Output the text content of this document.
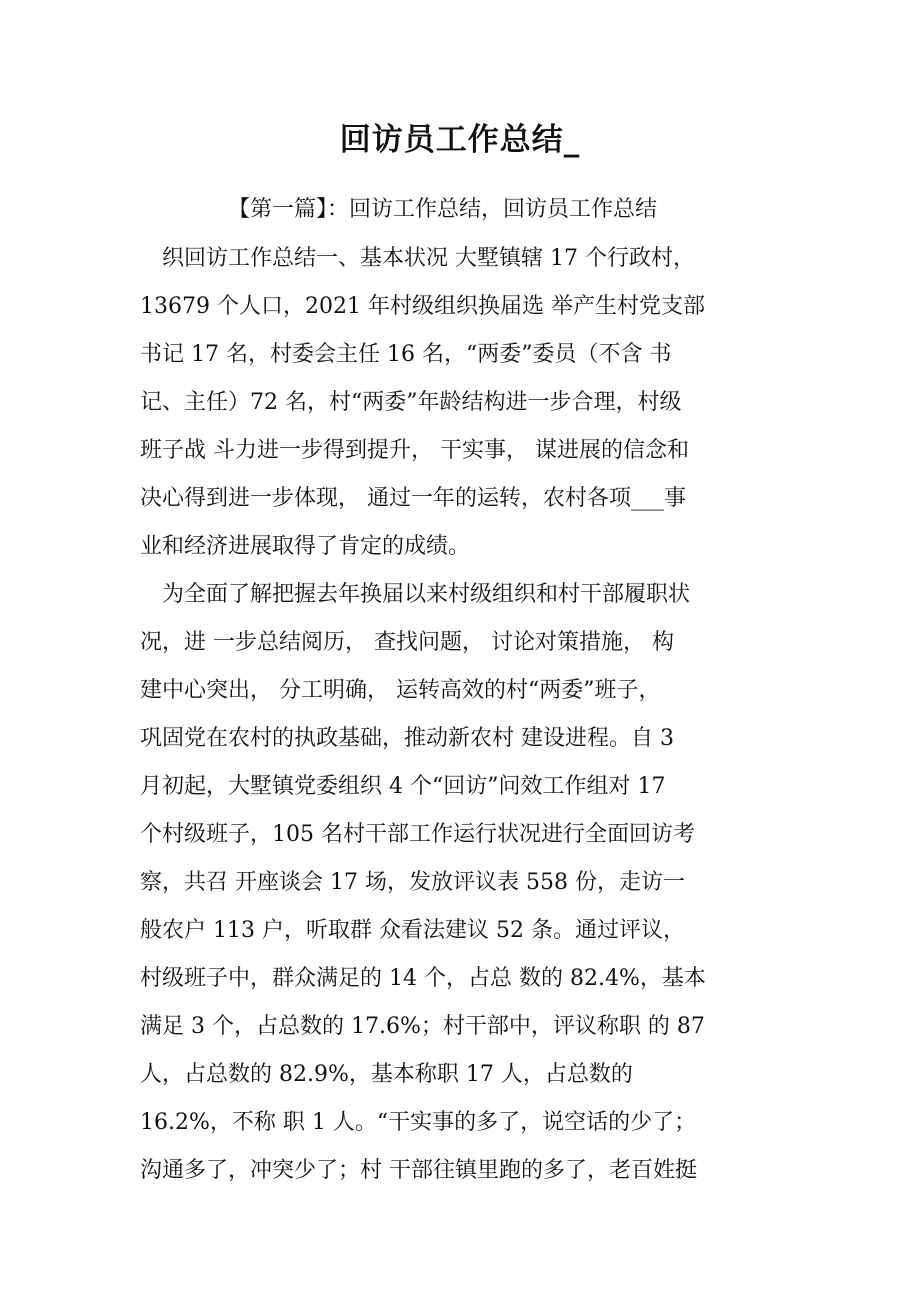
回访员工作总结_
【第一篇】：回访工作总结，回访员工作总结
织回访工作总结一、基本状况 大墅镇辖 17 个行政村，
13679 个人口，2021 年村级组织换届选 举产生村党支部
书记 17 名，村委会主任 16 名，“两委”委员（不含 书
记、主任）72 名，村“两委”年龄结构进一步合理，村级
班子战 斗力进一步得到提升， 干实事， 谋进展的信念和
决心得到进一步体现， 通过一年的运转，农村各项___事
业和经济进展取得了肯定的成绩。
为全面了解把握去年换届以来村级组织和村干部履职状
况，进 一步总结阅历， 查找问题， 讨论对策措施， 构
建中心突出， 分工明确， 运转高效的村“两委”班子，
巩固党在农村的执政基础，推动新农村 建设进程。自 3
月初起，大墅镇党委组织 4 个“回访”问效工作组对 17
个村级班子，105 名村干部工作运行状况进行全面回访考
察，共召 开座谈会 17 场，发放评议表 558 份，走访一
般农户 113 户，听取群 众看法建议 52 条。通过评议，
村级班子中，群众满足的 14 个，占总 数的 82.4%，基本
满足 3 个，占总数的 17.6%；村干部中，评议称职 的 87
人，占总数的 82.9%，基本称职 17 人，占总数的
16.2%，不称 职 1 人。“干实事的多了，说空话的少了；
沟通多了，冲突少了；村 干部往镇里跑的多了，老百姓挺
